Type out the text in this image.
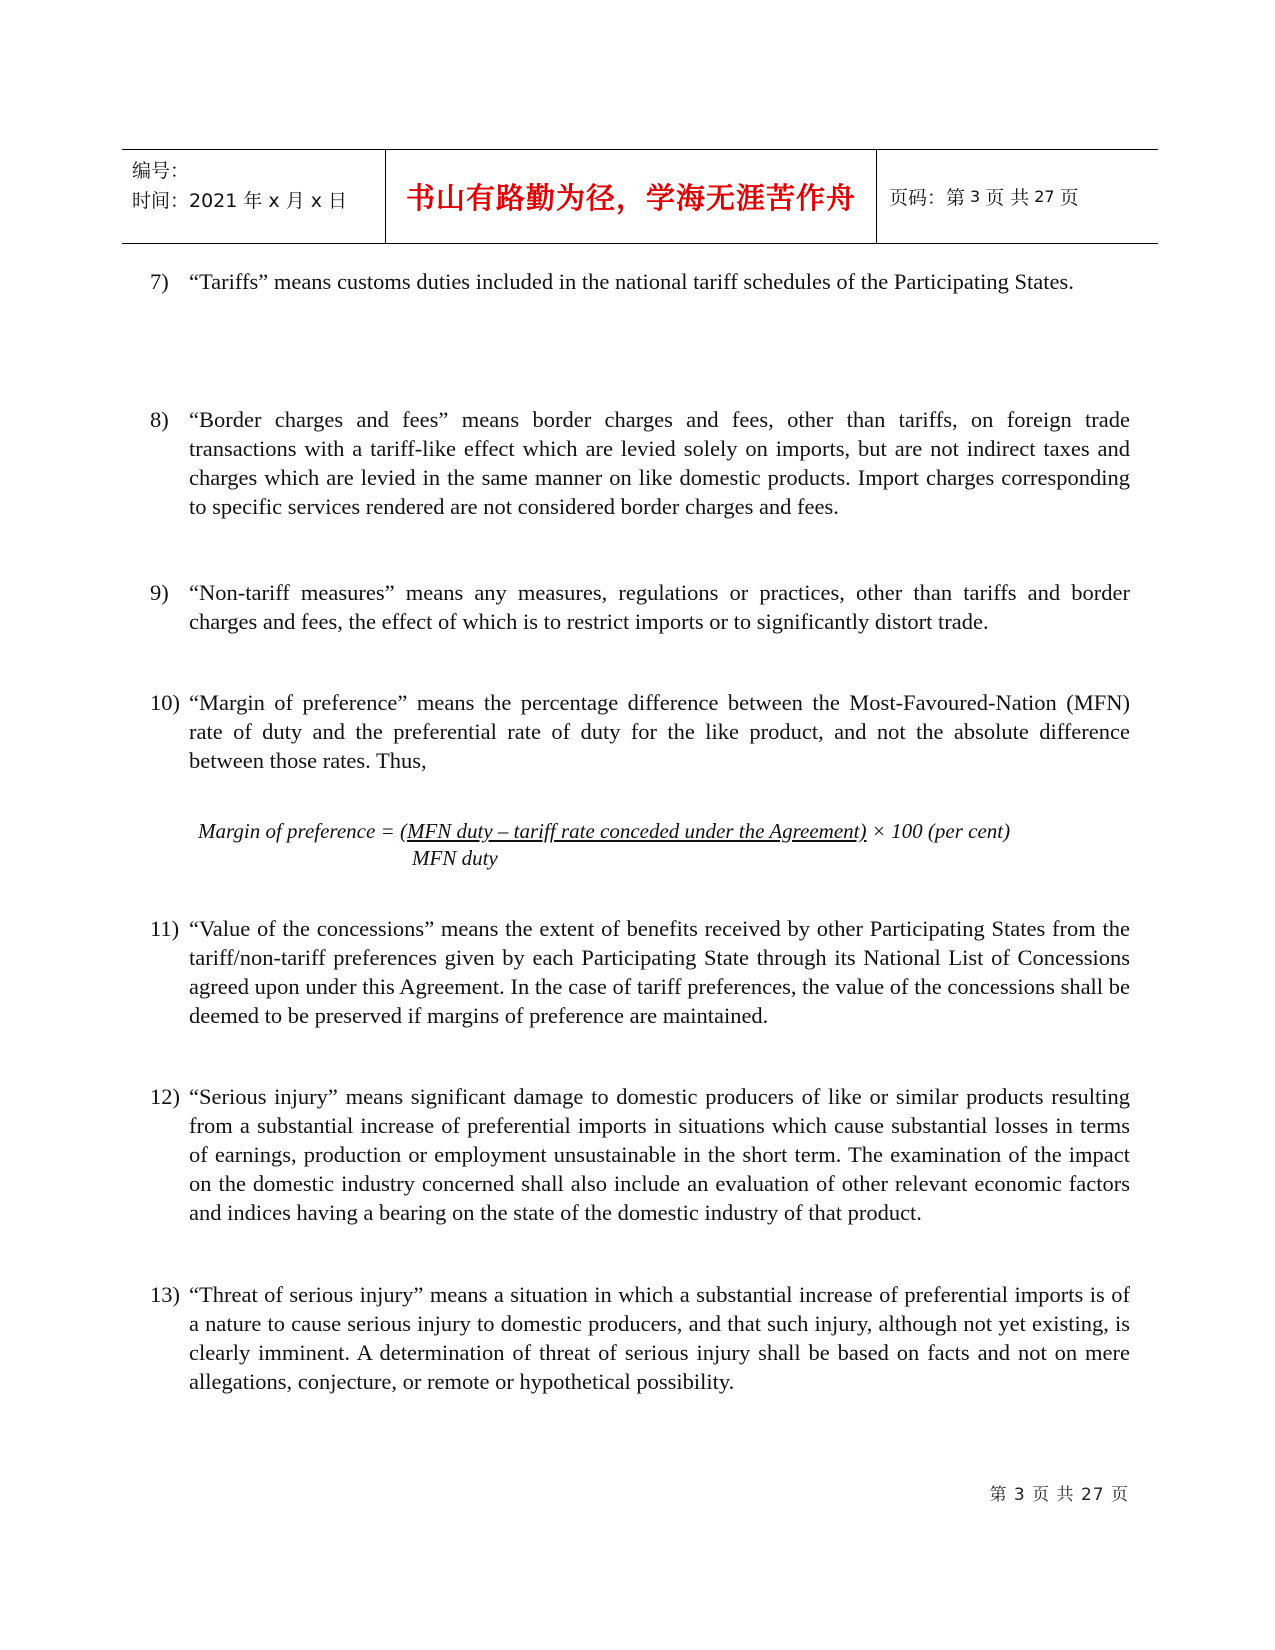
编号：
时间：2021 年 x 月 x 日	书山有路勤为径，学海无涯苦作舟	页码：第 3 页 共 27 页
7) “Tariffs” means customs duties included in the national tariff schedules of the Participating States.
8) “Border charges and fees” means border charges and fees, other than tariffs, on foreign trade transactions with a tariff-like effect which are levied solely on imports, but are not indirect taxes and charges which are levied in the same manner on like domestic products. Import charges corresponding to specific services rendered are not considered border charges and fees.
9) “Non-tariff measures” means any measures, regulations or practices, other than tariffs and border charges and fees, the effect of which is to restrict imports or to significantly distort trade.
10) “Margin of preference” means the percentage difference between the Most-Favoured-Nation (MFN) rate of duty and the preferential rate of duty for the like product, and not the absolute difference between those rates. Thus,
Margin of preference = (MFN duty – tariff rate conceded under the Agreement) × 100 (per cent)
MFN duty
11) “Value of the concessions” means the extent of benefits received by other Participating States from the tariff/non-tariff preferences given by each Participating State through its National List of Concessions agreed upon under this Agreement. In the case of tariff preferences, the value of the concessions shall be deemed to be preserved if margins of preference are maintained.
12) “Serious injury” means significant damage to domestic producers of like or similar products resulting from a substantial increase of preferential imports in situations which cause substantial losses in terms of earnings, production or employment unsustainable in the short term. The examination of the impact on the domestic industry concerned shall also include an evaluation of other relevant economic factors and indices having a bearing on the state of the domestic industry of that product.
13) “Threat of serious injury” means a situation in which a substantial increase of preferential imports is of a nature to cause serious injury to domestic producers, and that such injury, although not yet existing, is clearly imminent. A determination of threat of serious injury shall be based on facts and not on mere allegations, conjecture, or remote or hypothetical possibility.
第 3 页 共 27 页
